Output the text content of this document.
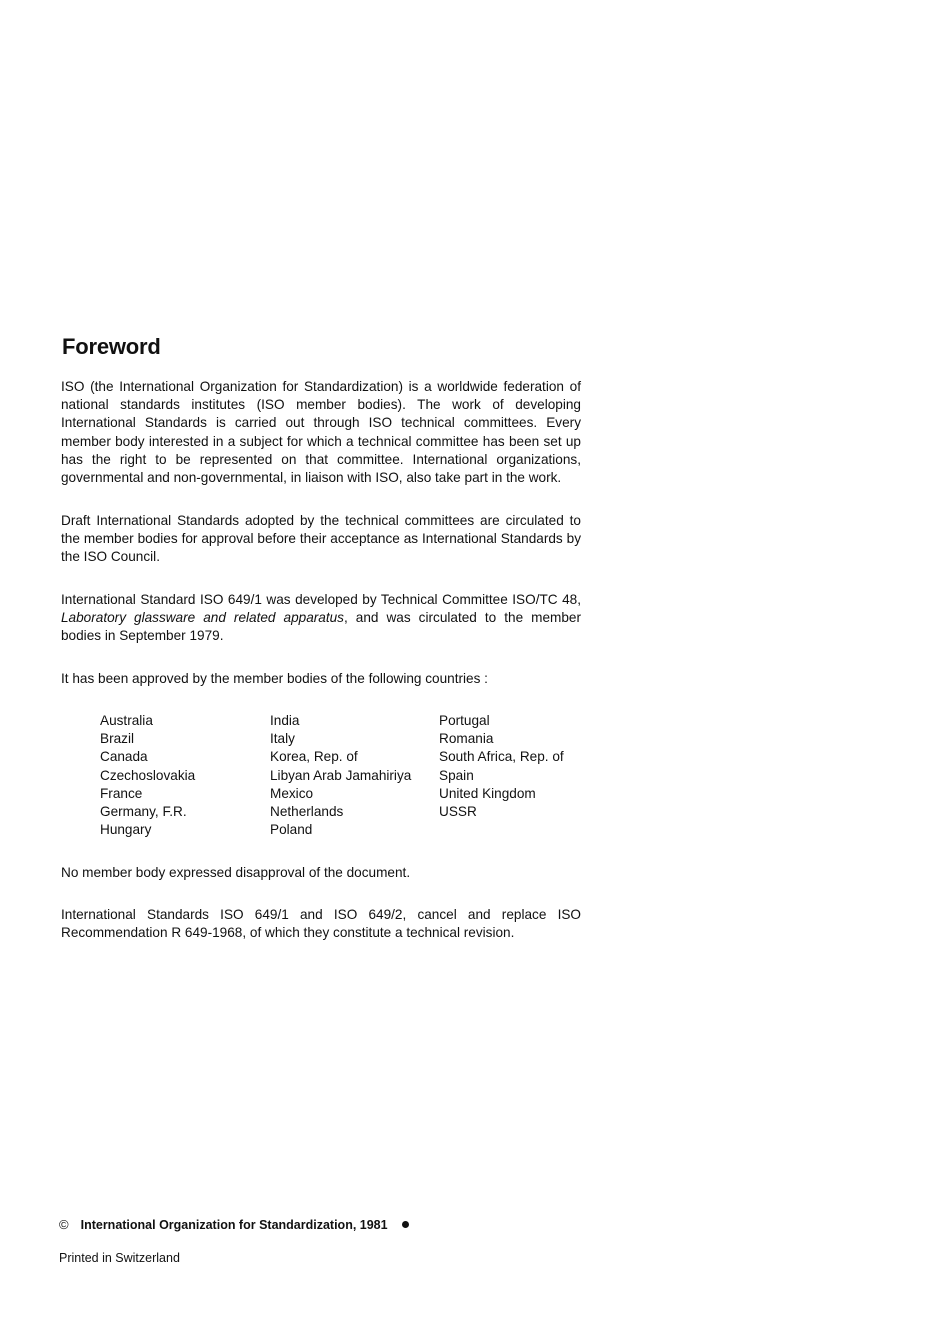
Foreword

ISO (the International Organization for Standardization) is a worldwide federation of national standards institutes (ISO member bodies). The work of developing International Standards is carried out through ISO technical committees. Every member body interested in a subject for which a technical committee has been set up has the right to be represented on that committee. International organizations, governmental and non-governmental, in liaison with ISO, also take part in the work.

Draft International Standards adopted by the technical committees are circulated to the member bodies for approval before their acceptance as International Standards by the ISO Council.

International Standard ISO 649/1 was developed by Technical Committee ISO/TC 48, Laboratory glassware and related apparatus, and was circulated to the member bodies in September 1979.

It has been approved by the member bodies of the following countries :

Australia
Brazil
Canada
Czechoslovakia
France
Germany, F.R.
Hungary
India
Italy
Korea, Rep. of
Libyan Arab Jamahiriya
Mexico
Netherlands
Poland
Portugal
Romania
South Africa, Rep. of
Spain
United Kingdom
USSR

No member body expressed disapproval of the document.

International Standards ISO 649/1 and ISO 649/2, cancel and replace ISO Recommendation R 649-1968, of which they constitute a technical revision.

© International Organization for Standardization, 1981
Printed in Switzerland
